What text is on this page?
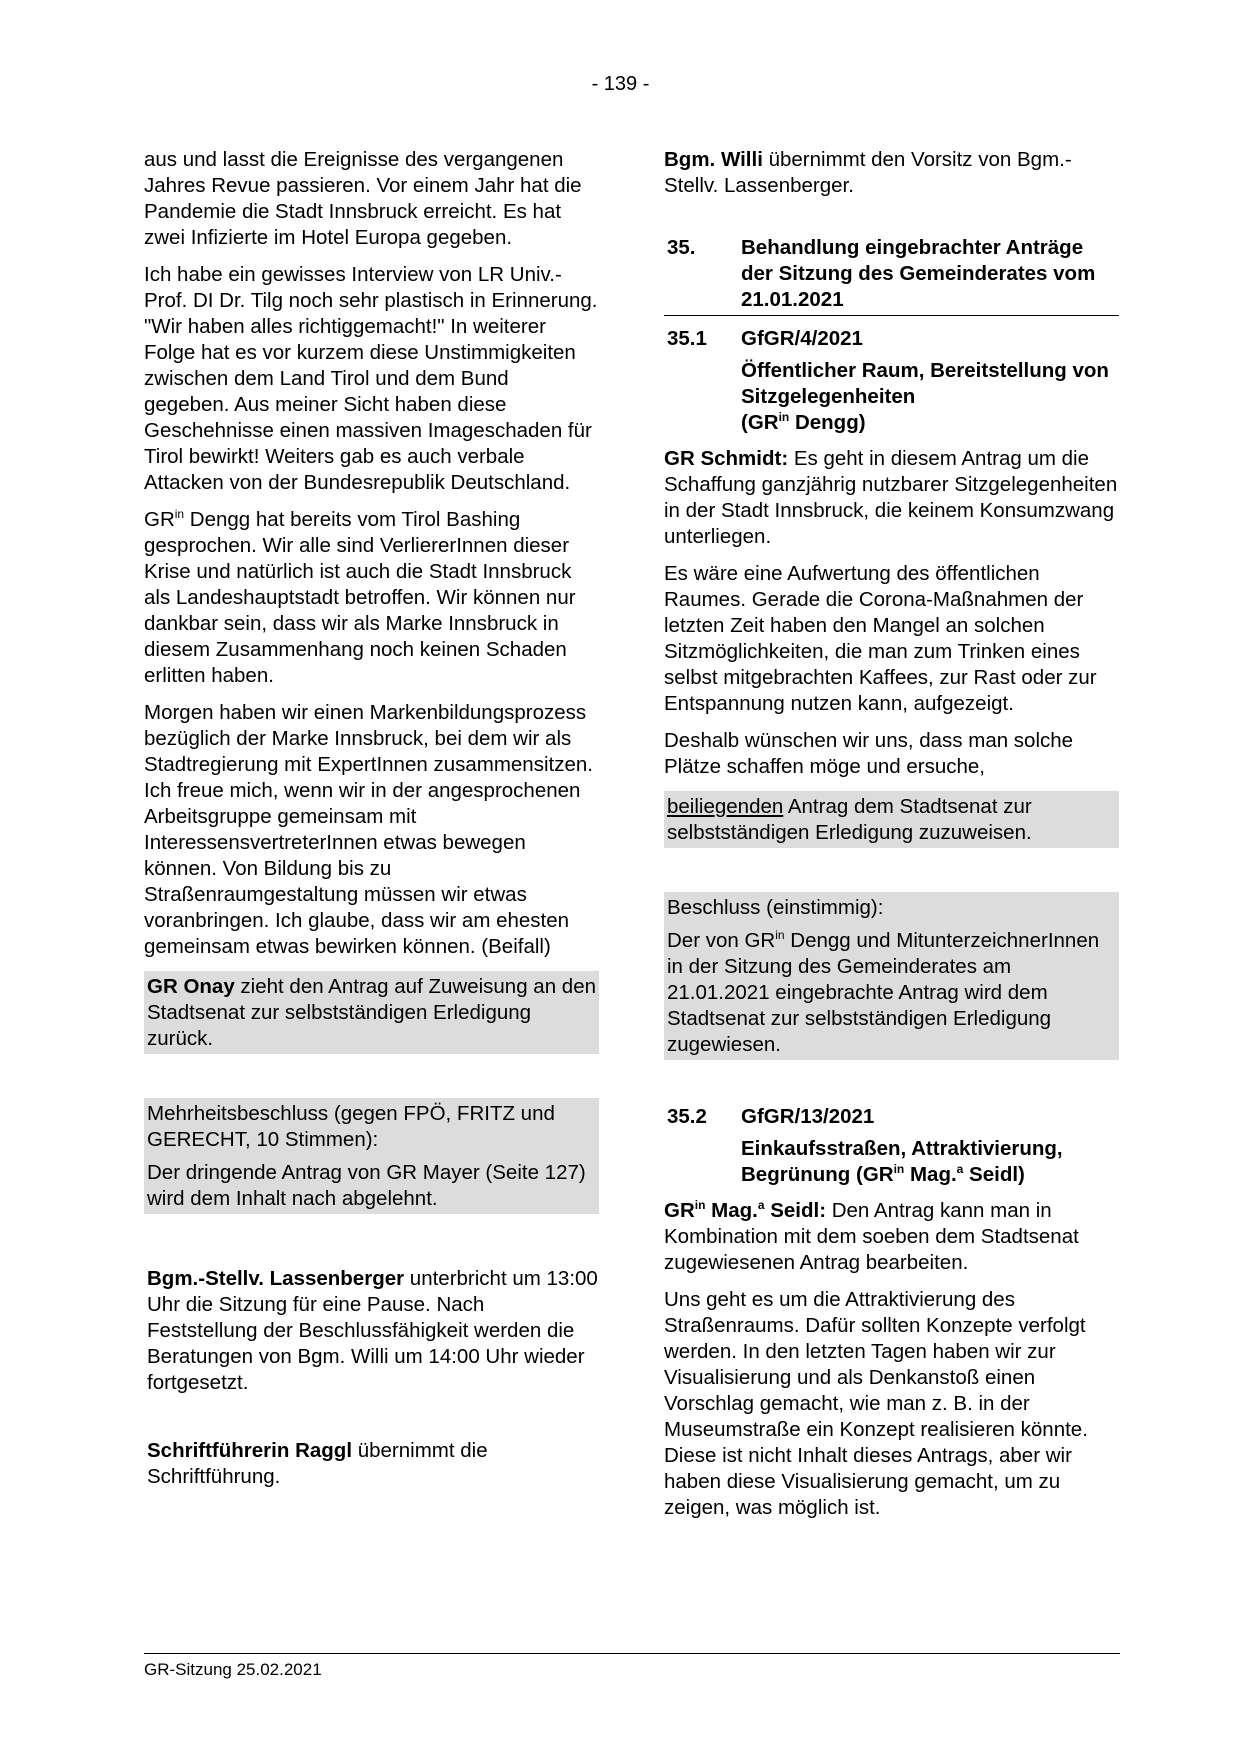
- 139 -

aus und lasst die Ereignisse des vergangenen Jahres Revue passieren. Vor einem Jahr hat die Pandemie die Stadt Innsbruck erreicht. Es hat zwei Infizierte im Hotel Europa gegeben.

Ich habe ein gewisses Interview von LR Univ.-Prof. DI Dr. Tilg noch sehr plastisch in Erinnerung. "Wir haben alles richtiggemacht!" In weiterer Folge hat es vor kurzem diese Unstimmigkeiten zwischen dem Land Tirol und dem Bund gegeben. Aus meiner Sicht haben diese Geschehnisse einen massiven Imageschaden für Tirol bewirkt! Weiters gab es auch verbale Attacken von der Bundesrepublik Deutschland.

$GR^{in}$ Dengg hat bereits vom Tirol Bashing gesprochen. Wir alle sind VerliererInnen dieser Krise und natürlich ist auch die Stadt Innsbruck als Landeshauptstadt betroffen. Wir können nur dankbar sein, dass wir als Marke Innsbruck in diesem Zusammenhang noch keinen Schaden erlitten haben.

Morgen haben wir einen Markenbildungsprozess bezüglich der Marke Innsbruck, bei dem wir als Stadtregierung mit ExpertInnen zusammensitzen. Ich freue mich, wenn wir in der angesprochenen Arbeitsgruppe gemeinsam mit InteressensvertreterInnen etwas bewegen können. Von Bildung bis zu Straßenraumgestaltung müssen wir etwas voranbringen. Ich glaube, dass wir am ehesten gemeinsam etwas bewirken können. (Beifall)

GR Onay zieht den Antrag auf Zuweisung an den Stadtsenat zur selbstständigen Erledigung zurück.

Mehrheitsbeschluss (gegen FPÖ, FRITZ und GERECHT, 10 Stimmen):

Der dringende Antrag von GR Mayer (Seite 127) wird dem Inhalt nach abgelehnt.

Bgm.-Stellv. Lassenberger unterbricht um 13:00 Uhr die Sitzung für eine Pause. Nach Feststellung der Beschlussfähigkeit werden die Beratungen von Bgm. Willi um 14:00 Uhr wieder fortgesetzt.

Schriftführerin Raggl übernimmt die Schriftführung.

Bgm. Willi übernimmt den Vorsitz von Bgm.-Stellv. Lassenberger.

35.	Behandlung eingebrachter Anträge der Sitzung des Gemeinderates vom 21.01.2021
35.1	GfGR/4/2021
Öffentlicher Raum, Bereitstellung von Sitzgelegenheiten
($GR^{in}$ Dengg)

GR Schmidt: Es geht in diesem Antrag um die Schaffung ganzjährig nutzbarer Sitzgelegenheiten in der Stadt Innsbruck, die keinem Konsumzwang unterliegen.

Es wäre eine Aufwertung des öffentlichen Raumes. Gerade die Corona-Maßnahmen der letzten Zeit haben den Mangel an solchen Sitzmöglichkeiten, die man zum Trinken eines selbst mitgebrachten Kaffees, zur Rast oder zur Entspannung nutzen kann, aufgezeigt.

Deshalb wünschen wir uns, dass man solche Plätze schaffen möge und ersuche,

beiliegenden Antrag dem Stadtsenat zur selbstständigen Erledigung zuzuweisen.

Beschluss (einstimmig):

Der von $GR^{in}$ Dengg und MitunterzeichnerInnen in der Sitzung des Gemeinderates am 21.01.2021 eingebrachte Antrag wird dem Stadtsenat zur selbstständigen Erledigung zugewiesen.

35.2	GfGR/13/2021
Einkaufsstraßen, Attraktivierung, Begrünung ($GR^{in}$ Mag.$^a$ Seidl)

$GR^{in}$ Mag.$^a$ Seidl: Den Antrag kann man in Kombination mit dem soeben dem Stadtsenat zugewiesenen Antrag bearbeiten.

Uns geht es um die Attraktivierung des Straßenraums. Dafür sollten Konzepte verfolgt werden. In den letzten Tagen haben wir zur Visualisierung und als Denkanstoß einen Vorschlag gemacht, wie man z. B. in der Museumstraße ein Konzept realisieren könnte. Diese ist nicht Inhalt dieses Antrags, aber wir haben diese Visualisierung gemacht, um zu zeigen, was möglich ist.

GR-Sitzung 25.02.2021
